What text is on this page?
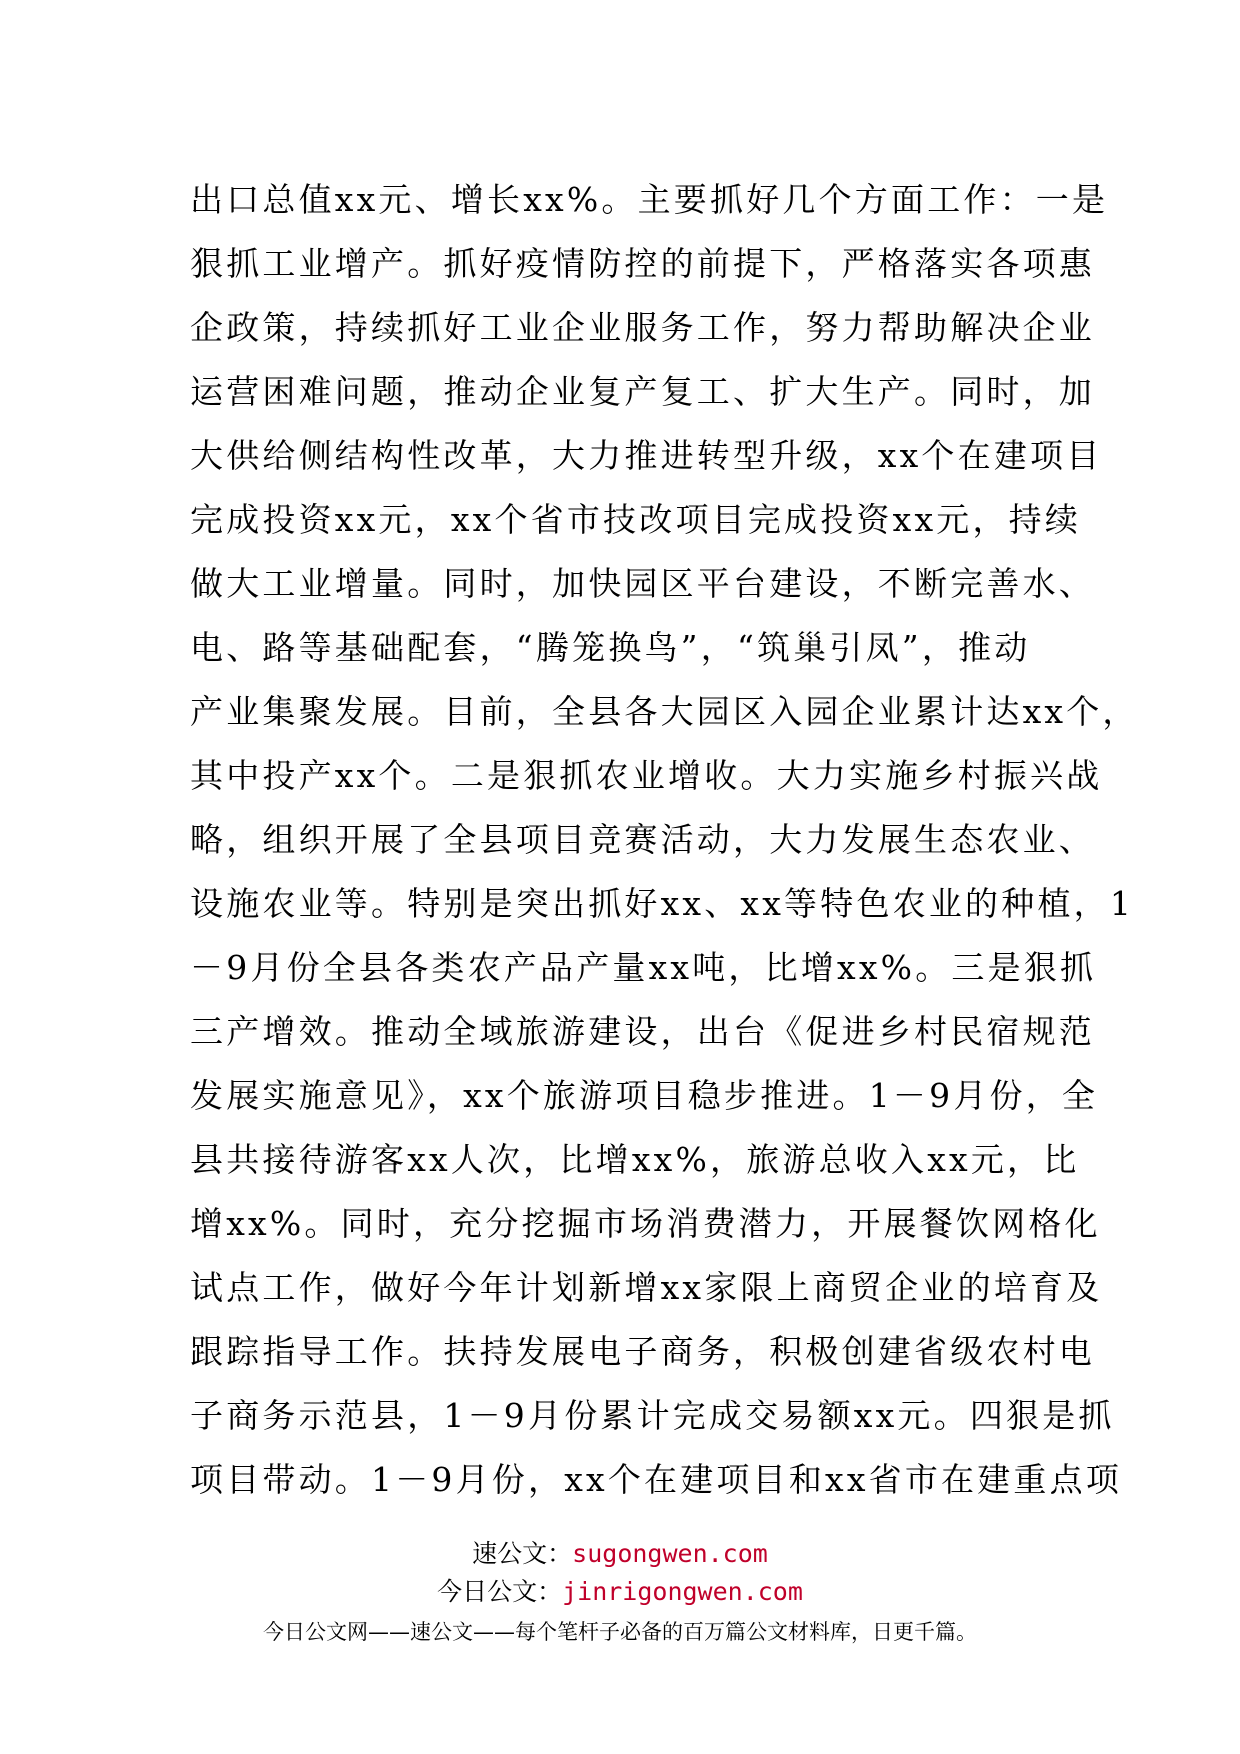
出口总值xx元、增长xx%。主要抓好几个方面工作：一是
狠抓工业增产。抓好疫情防控的前提下，严格落实各项惠
企政策，持续抓好工业企业服务工作，努力帮助解决企业
运营困难问题，推动企业复产复工、扩大生产。同时，加
大供给侧结构性改革，大力推进转型升级，xx个在建项目
完成投资xx元，xx个省市技改项目完成投资xx元，持续
做大工业增量。同时，加快园区平台建设，不断完善水、
电、路等基础配套，“腾笼换鸟”，“筑巢引凤”，推动
产业集聚发展。目前，全县各大园区入园企业累计达xx个，
其中投产xx个。二是狠抓农业增收。大力实施乡村振兴战
略，组织开展了全县项目竞赛活动，大力发展生态农业、
设施农业等。特别是突出抓好xx、xx等特色农业的种植，1
－9月份全县各类农产品产量xx吨，比增xx%。三是狠抓
三产增效。推动全域旅游建设，出台《促进乡村民宿规范
发展实施意见》，xx个旅游项目稳步推进。1－9月份，全
县共接待游客xx人次，比增xx%，旅游总收入xx元，比
增xx%。同时，充分挖掘市场消费潜力，开展餐饮网格化
试点工作，做好今年计划新增xx家限上商贸企业的培育及
跟踪指导工作。扶持发展电子商务，积极创建省级农村电
子商务示范县，1－9月份累计完成交易额xx元。四狠是抓
项目带动。1－9月份，xx个在建项目和xx省市在建重点项
速公文：sugongwen.com
今日公文：jinrigongwen.com
今日公文网——速公文——每个笔杆子必备的百万篇公文材料库，日更千篇。
